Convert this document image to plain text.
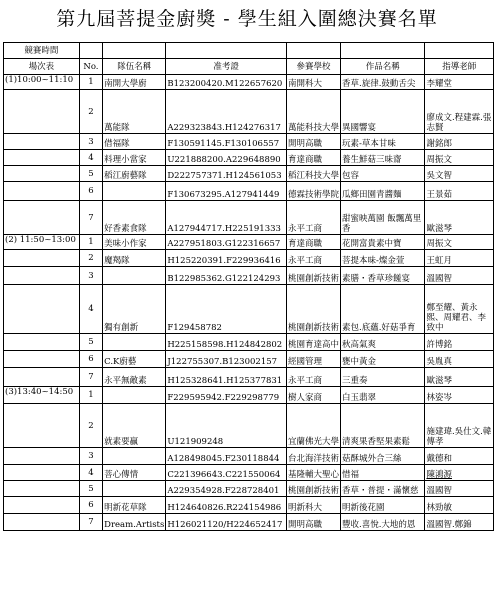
第九屆菩提金廚獎 - 學生組入圍總決賽名單
競賽時間						
場次表	No.	隊伍名稱	准考證	參賽學校	作品名稱	指導老師
(1)10:00~11:10	1	南開大學廚	B123200420.M122657620	南開科大	香草.旋律.鼓動舌尖	李耀堂
	2	萬能隊	A229323843.H124276317	萬能科技大學	異國響宴	廖成文.程建霖.張志賢
	3	借福隊	F130591145.F130106557	開明高職	玩素-草本甘味	謝銘郎
	4	料理小當家	U221888200.A229648890	育達商職	養生鮮菇三味齋	周振文
	5	稻江廚藝隊	D222757371.H124561053	稻江科技大學	包容	吳文智
	6		F130673295.A127941449	德霖技術學院	瓜鄉田園青醬麵	王景茹
	7	好香素食隊	A127944717.H225191333	永平工商	甜蜜映萬園 飯飄萬里香	歐滋琴
(2) 11:50~13:00	1	美味小作家	A227951803.G122316657	育達商職	花開富貴素中寶	周振文
	2	魔羯隊	H125220391.F229936416	永平工商	菩提本味-燦金萱	王虹月
	3		B122985362.G122124293	桃園創新技術	素膳・香草珍饈宴	溫國智
	4	獨有創新	F129458782	桃園創新技術	素包.底蘊.好菇爭育	鄭至耀、黃永熙、周耀君、李致中
	5		H225158598.H124842802	桃園育達高中	秋高氣爽	許博銘
	6	C.K廚藝	J122755307.B123002157	經國管理	甕中黃金	吳胤真
	7	永平無敵素	H125328641.H125377831	永平工商	三重奏	歐滋琴
(3)13:40~14:50	1		F229595942.F229298779	樹人家商	白玉翡翠	林姿岑
	2	就素要贏	U121909248	宜蘭佛光大學	清爽果香堅果素鬆	施建瑋.吳仕文.韓傳孝
	3		A128498045.F230118844	台北海洋技術	菇酥城外合三絲	戴德和
	4	菩心傳情	C221396643.C221550064	基隆輔大聖心	惜福	陳鴻源
	5		A229354928.F228728401	桃園創新技術	香草・普提・滿懷慈	溫國智
	6	明新花草隊	H124640826.R224154986	明新科大	明新後花園	林勁敏
	7	Dream.Artists	H126021120/H224652417	開明高職	豐收.喜悅.大地的恩	溫國智.鄭錦
